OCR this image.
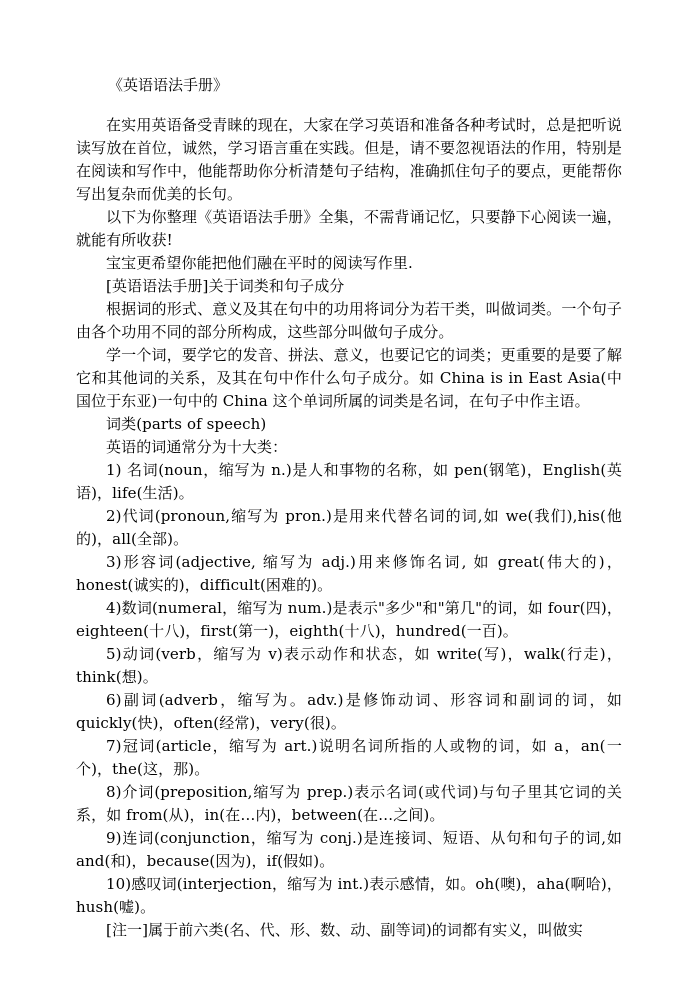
《英语语法手册》

在实用英语备受青睐的现在，大家在学习英语和准备各种考试时，总是把听说读写放在首位，诚然，学习语言重在实践。但是，请不要忽视语法的作用，特别是在阅读和写作中，他能帮助你分析清楚句子结构，准确抓住句子的要点，更能帮你写出复杂而优美的长句。

以下为你整理《英语语法手册》全集，不需背诵记忆，只要静下心阅读一遍，就能有所收获!

宝宝更希望你能把他们融在平时的阅读写作里.

[英语语法手册]关于词类和句子成分

根据词的形式、意义及其在句中的功用将词分为若干类，叫做词类。一个句子由各个功用不同的部分所构成，这些部分叫做句子成分。

学一个词，要学它的发音、拼法、意义，也要记它的词类；更重要的是要了解它和其他词的关系，及其在句中作什么句子成分。如 China is in East Asia(中国位于东亚)一句中的 China 这个单词所属的词类是名词，在句子中作主语。

词类(parts of speech)

英语的词通常分为十大类：

1) 名词(noun，缩写为 n.)是人和事物的名称，如 pen(钢笔)，English(英语)，life(生活)。

2)代词(pronoun,缩写为 pron.)是用来代替名词的词,如 we(我们),his(他的)，all(全部)。

3)形容词(adjective, 缩写为 adj.)用来修饰名词, 如 great(伟大的)，honest(诚实的)，difficult(困难的)。

4)数词(numeral，缩写为 num.)是表示"多少"和"第几"的词，如 four(四)，eighteen(十八)，first(第一)，eighth(十八)，hundred(一百)。

5)动词(verb，缩写为 v)表示动作和状态，如 write(写)，walk(行走)，think(想)。

6)副词(adverb，缩写为。adv.)是修饰动词、形容词和副词的词，如 quickly(快)，often(经常)，very(很)。

7)冠词(article，缩写为 art.)说明名词所指的人或物的词，如 a，an(一个)，the(这，那)。

8)介词(preposition,缩写为 prep.)表示名词(或代词)与句子里其它词的关系，如 from(从)，in(在…内)，between(在…之间)。

9)连词(conjunction，缩写为 conj.)是连接词、短语、从句和句子的词,如 and(和)，because(因为)，if(假如)。

10)感叹词(interjection，缩写为 int.)表示感情，如。oh(噢)，aha(啊哈)，hush(嘘)。

[注一]属于前六类(名、代、形、数、动、副等词)的词都有实义，叫做实
